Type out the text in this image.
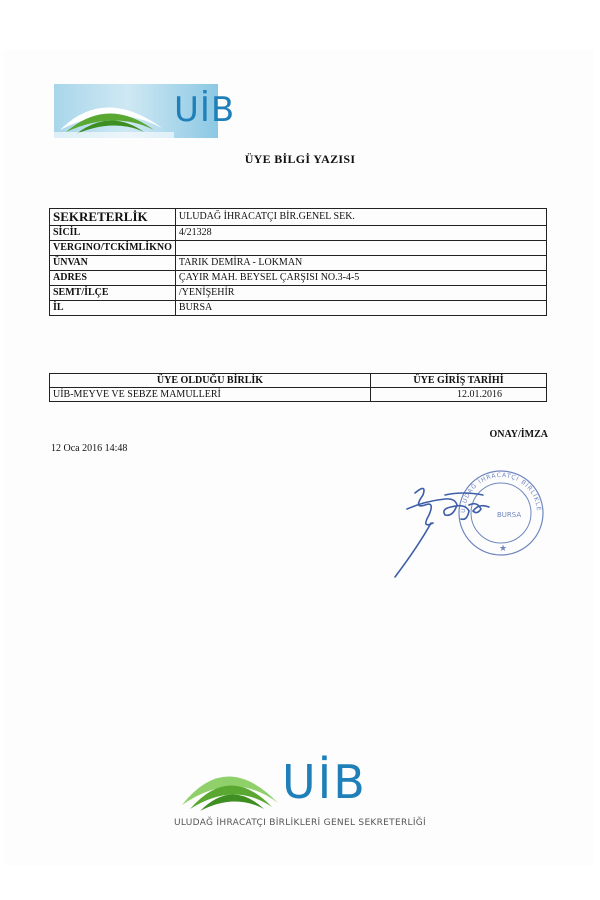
UİB
ÜYE BİLGİ YAZISI
SEKRETERLİK	ULUDAĞ İHRACATÇI BİR.GENEL SEK.
SİCİL	4/21328
VERGINO/TCKİMLİKNO	
ÜNVAN	TARIK DEMİRA - LOKMAN
ADRES	ÇAYIR MAH. BEYSEL ÇARŞISI NO.3-4-5
SEMT/İLÇE	/YENİŞEHİR
İL	BURSA
ÜYE OLDUĞU BİRLİK	ÜYE GİRİŞ TARİHİ
UİB-MEYVE VE SEBZE MAMULLERİ	12.01.2016
ONAY/İMZA
12 Oca 2016 14:48
ULUDAĞ İHRACATÇI BİRLİKLE
BURSA
★
UİB
ULUDAĞ İHRACATÇI BİRLİKLERİ GENEL SEKRETERLİĞİ
